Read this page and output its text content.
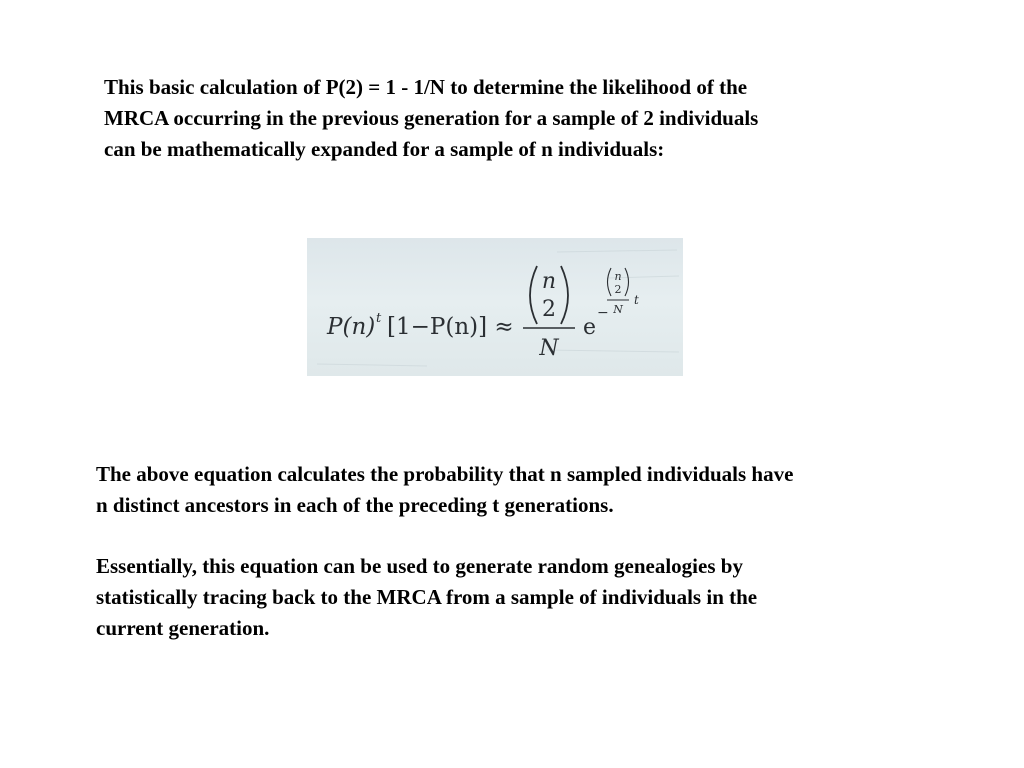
This basic calculation of P(2) = 1 - 1/N to determine the likelihood of the
MRCA occurring in the previous generation for a sample of 2 individuals
can be mathematically expanded for a sample of n individuals:

P(n) t [1−P(n)] ≈
n
2
N
e
−
n
2
N
t

The above equation calculates the probability that n sampled individuals have
n distinct ancestors in each of the preceding t generations.

Essentially, this equation can be used to generate random genealogies by
statistically tracing back to the MRCA from a sample of individuals in the
current generation.
